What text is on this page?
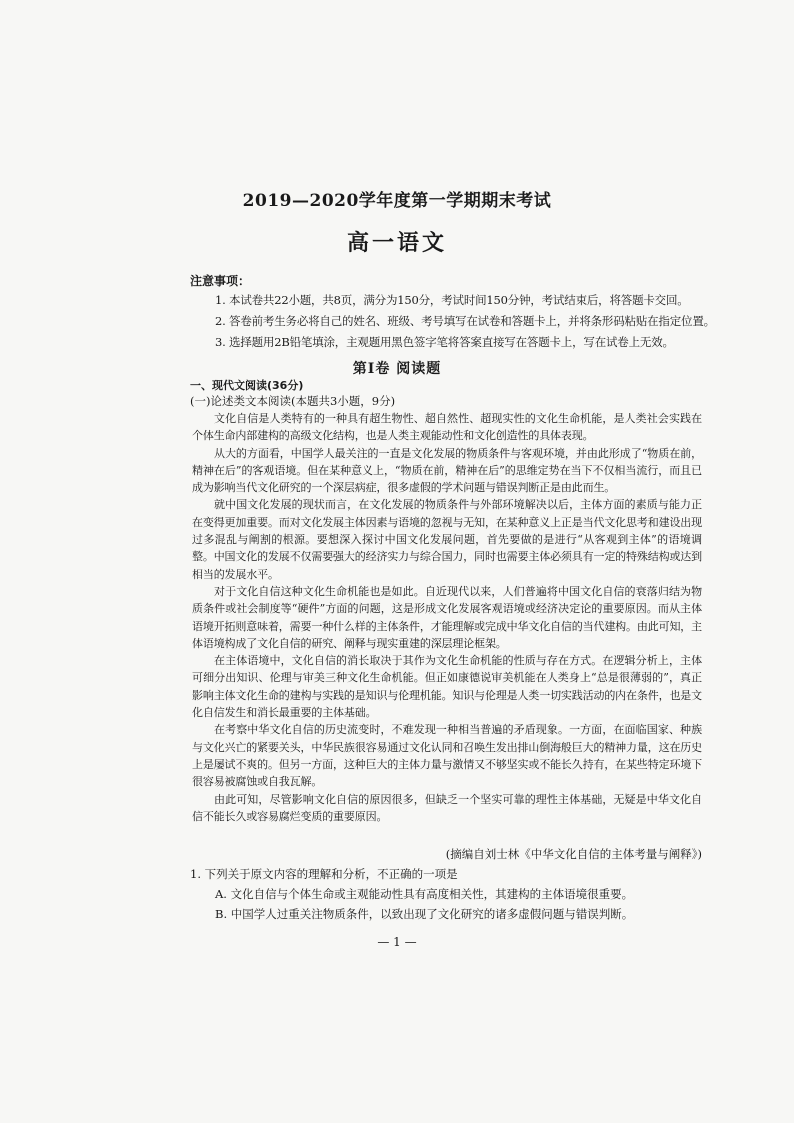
2019—2020学年度第一学期期末考试
高一语文
注意事项：
1. 本试卷共22小题，共8页，满分为150分，考试时间150分钟，考试结束后，将答题卡交回。
2. 答卷前考生务必将自己的姓名、班级、考号填写在试卷和答题卡上，并将条形码粘贴在指定位置。
3. 选择题用2B铅笔填涂，主观题用黑色签字笔将答案直接写在答题卡上，写在试卷上无效。
第Ⅰ卷 阅读题
一、现代文阅读(36分)
(一)论述类文本阅读(本题共3小题，9分)

文化自信是人类特有的一种具有超生物性、超自然性、超现实性的文化生命机能，是人类社会实践在个体生命内部建构的高级文化结构，也是人类主观能动性和文化创造性的具体表现。

从大的方面看，中国学人最关注的一直是文化发展的物质条件与客观环境，并由此形成了“物质在前，精神在后”的客观语境。但在某种意义上，“物质在前，精神在后”的思维定势在当下不仅相当流行，而且已成为影响当代文化研究的一个深层病症，很多虚假的学术问题与错误判断正是由此而生。

就中国文化发展的现状而言，在文化发展的物质条件与外部环境解决以后，主体方面的素质与能力正在变得更加重要。而对文化发展主体因素与语境的忽视与无知，在某种意义上正是当代文化思考和建设出现过多混乱与阐割的根源。要想深入探讨中国文化发展问题，首先要做的是进行“从客观到主体”的语境调整。中国文化的发展不仅需要强大的经济实力与综合国力，同时也需要主体必须具有一定的特殊结构或达到相当的发展水平。

对于文化自信这种文化生命机能也是如此。自近现代以来，人们普遍将中国文化自信的衰落归结为物质条件或社会制度等“硬件”方面的问题，这是形成文化发展客观语境或经济决定论的重要原因。而从主体语境开拓则意味着，需要一种什么样的主体条件，才能理解或完成中华文化自信的当代建构。由此可知，主体语境构成了文化自信的研究、阐释与现实重建的深层理论框架。

在主体语境中，文化自信的消长取决于其作为文化生命机能的性质与存在方式。在逻辑分析上，主体可细分出知识、伦理与审美三种文化生命机能。但正如康德说审美机能在人类身上“总是很薄弱的”，真正影响主体文化生命的建构与实践的是知识与伦理机能。知识与伦理是人类一切实践活动的内在条件，也是文化自信发生和消长最重要的主体基础。

在考察中华文化自信的历史流变时，不难发现一种相当普遍的矛盾现象。一方面，在面临国家、种族与文化兴亡的紧要关头，中华民族很容易通过文化认同和召唤生发出排山倒海般巨大的精神力量，这在历史上是屡试不爽的。但另一方面，这种巨大的主体力量与激情又不够坚实或不能长久持有，在某些特定环境下很容易被腐蚀或自我瓦解。

由此可知，尽管影响文化自信的原因很多，但缺乏一个坚实可靠的理性主体基础，无疑是中华文化自信不能长久或容易腐烂变质的重要原因。

(摘编自刘士林《中华文化自信的主体考量与阐释》)
1. 下列关于原文内容的理解和分析，不正确的一项是
A. 文化自信与个体生命或主观能动性具有高度相关性，其建构的主体语境很重要。
B. 中国学人过重关注物质条件，以致出现了文化研究的诸多虚假问题与错误判断。
— 1 —
